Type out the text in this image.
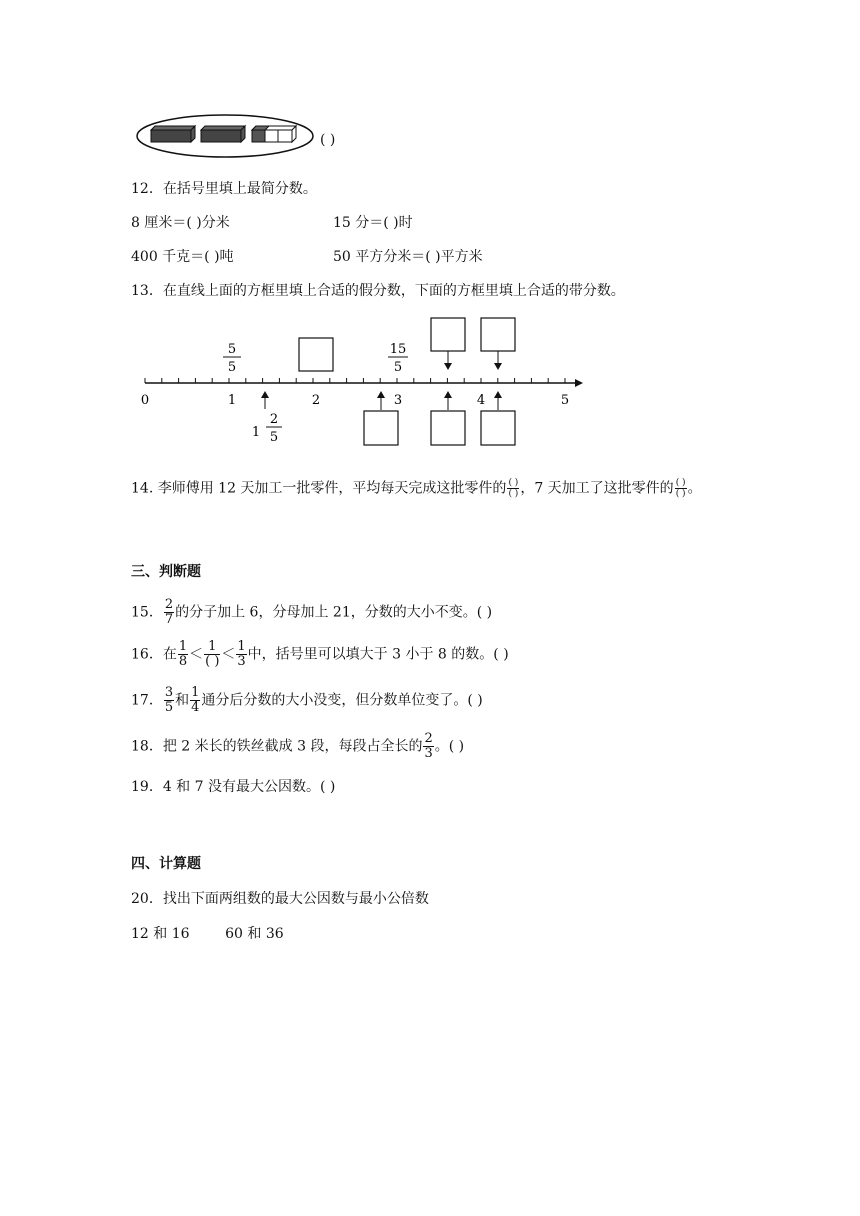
( )
12．在括号里填上最简分数。
8 厘米＝( )分米	15 分＝( )时
400 千克＝( )吨	50 平方分米＝( )平方米
13．在直线上面的方框里填上合适的假分数，下面的方框里填上合适的带分数。
0	1	2	3	4	5
5
5
15
5
1
2
5
14. 李师傅用 12 天加工一批零件，平均每天完成这批零件的 $\frac{( )}{( )}$ ，7 天加工了这批零件的 $\frac{( )}{( )}$ 。
三、判断题
15． $\frac{2}{7}$ 的分子加上 6，分母加上 21，分数的大小不变。( )
16．在 $\frac{1}{8} < \frac{1}{( )} < \frac{1}{3}$ 中，括号里可以填大于 3 小于 8 的数。( )
17． $\frac{3}{5}$ 和 $\frac{1}{4}$ 通分后分数的大小没变，但分数单位变了。( )
18．把 2 米长的铁丝截成 3 段，每段占全长的 $\frac{2}{3}$ 。( )
19．4 和 7 没有最大公因数。( )
四、计算题
20．找出下面两组数的最大公因数与最小公倍数
12 和 16        60 和 36
